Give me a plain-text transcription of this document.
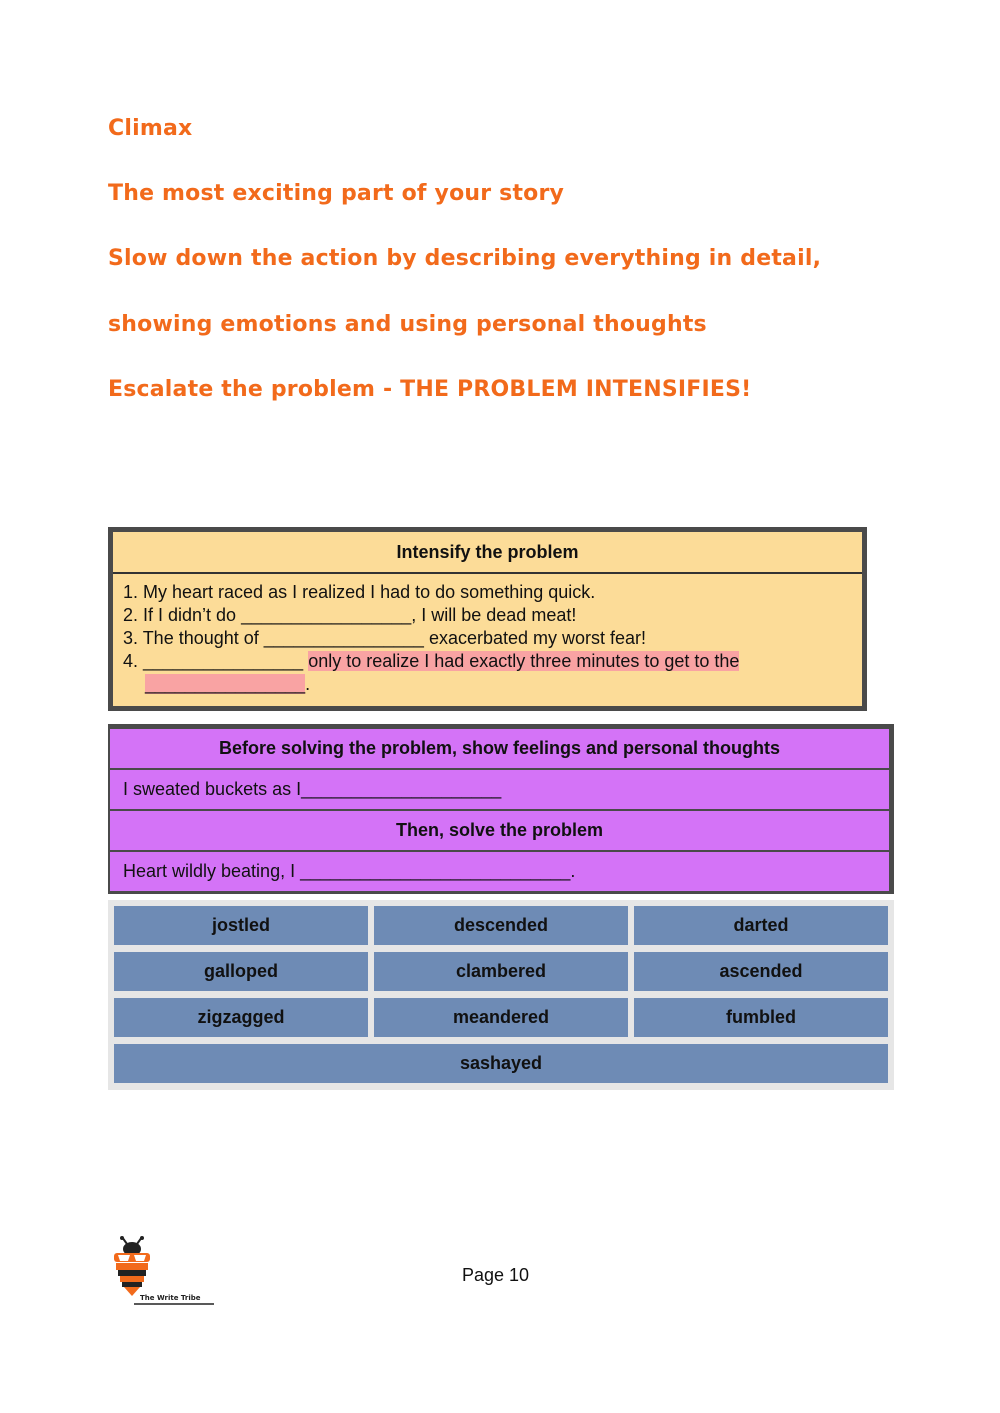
Climax
The most exciting part of your story
Slow down the action by describing everything in detail,
showing emotions and using personal thoughts
Escalate the problem - THE PROBLEM INTENSIFIES!
Intensify the problem
1. My heart raced as I realized I had to do something quick.
2. If I didn’t do _________________, I will be dead meat!
3. The thought of ________________ exacerbated my worst fear!
4. ________________ only to realize I had exactly three minutes to get to the
________________.
Before solving the problem, show feelings and personal thoughts
I sweated buckets as I____________________
Then, solve the problem
Heart wildly beating, I ___________________________.
jostled	descended	darted
galloped	clambered	ascended
zigzagged	meandered	fumbled
sashayed
The Write Tribe
Page 10
